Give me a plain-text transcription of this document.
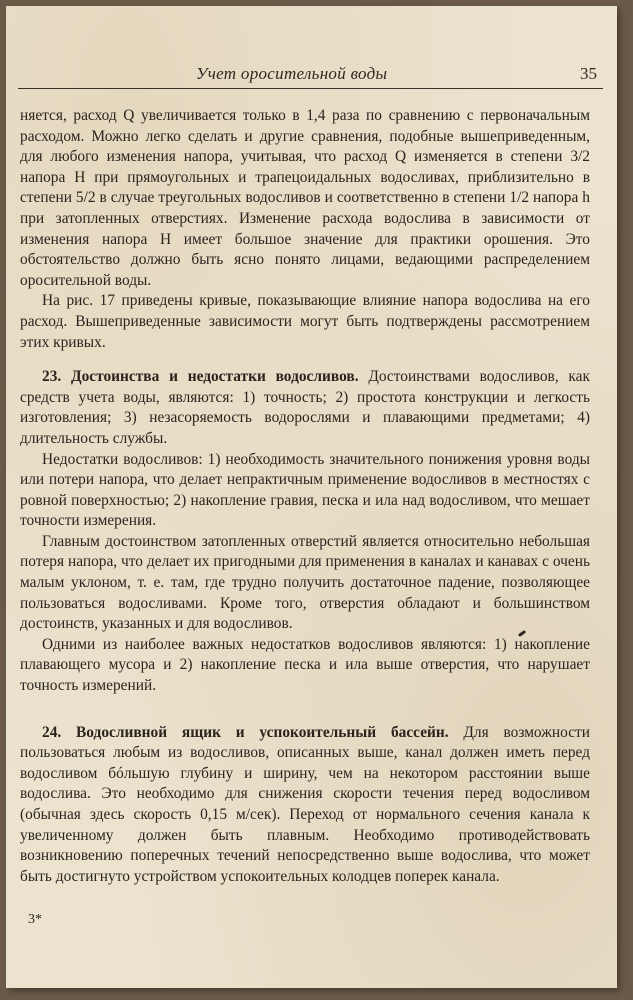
Учет оросительной воды	35

няется, расход Q увеличивается только в 1,4 раза по сравнению с первоначальным расходом. Можно легко сделать и другие сравнения, подобные вышеприведенным, для любого изменения напора, учитывая, что расход Q изменяется в степени 3/2 напора H при прямоугольных и трапецоидальных водосливах, приблизительно в степени 5/2 в случае треугольных водосливов и соответственно в степени 1/2 напора h при затопленных отверстиях. Изменение расхода водослива в зависимости от изменения напора H имеет большое значение для практики орошения. Это обстоятельство должно быть ясно понято лицами, ведающими распределением оросительной воды.

На рис. 17 приведены кривые, показывающие влияние напора водослива на его расход. Вышеприведенные зависимости могут быть подтверждены рассмотрением этих кривых.

23. Достоинства и недостатки водосливов. Достоинствами водосливов, как средств учета воды, являются: 1) точность; 2) простота конструкции и легкость изготовления; 3) незасоряемость водорослями и плавающими предметами; 4) длительность службы.

Недостатки водосливов: 1) необходимость значительного понижения уровня воды или потери напора, что делает непрактичным применение водосливов в местностях с ровной поверхностью; 2) накопление гравия, песка и ила над водосливом, что мешает точности измерения.

Главным достоинством затопленных отверстий является относительно небольшая потеря напора, что делает их пригодными для применения в каналах и канавах с очень малым уклоном, т. е. там, где трудно получить достаточное падение, позволяющее пользоваться водосливами. Кроме того, отверстия обладают и большинством достоинств, указанных и для водосливов.

Одними из наиболее важных недостатков водосливов являются: 1) накопление плавающего мусора и 2) накопление песка и ила выше отверстия, что нарушает точность измерений.

24. Водосливной ящик и успокоительный бассейн. Для возможности пользоваться любым из водосливов, описанных выше, канал должен иметь перед водосливом бóльшую глубину и ширину, чем на некотором расстоянии выше водослива. Это необходимо для снижения скорости течения перед водосливом (обычная здесь скорость 0,15 м/сек). Переход от нормального сечения канала к увеличенному должен быть плавным. Необходимо противодействовать возникновению поперечных течений непосредственно выше водослива, что может быть достигнуто устройством успокоительных колодцев поперек канала.

3*
